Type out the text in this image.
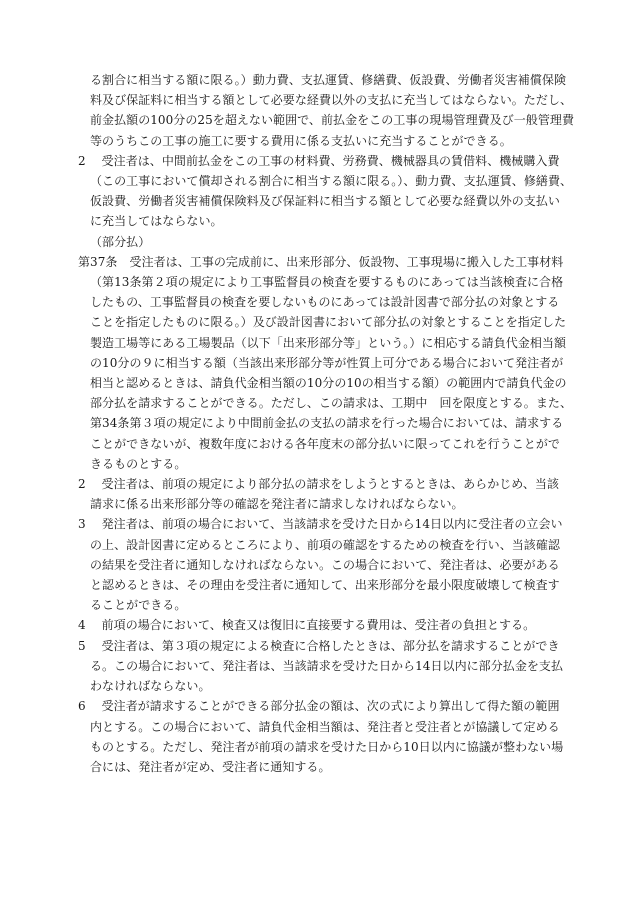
る割合に相当する額に限る。）動力費、支払運賃、修繕費、仮設費、労働者災害補償保険
料及び保証料に相当する額として必要な経費以外の支払に充当してはならない。ただし、
前金払額の100分の25を超えない範囲で、前払金をこの工事の現場管理費及び一般管理費
等のうちこの工事の施工に要する費用に係る支払いに充当することができる。
2　 受注者は、中間前払金をこの工事の材料費、労務費、機械器具の賃借料、機械購入費
（この工事において償却される割合に相当する額に限る。）、動力費、支払運賃、修繕費、
仮設費、労働者災害補償保険料及び保証料に相当する額として必要な経費以外の支払い
に充当してはならない。
（部分払）
第37条　受注者は、工事の完成前に、出来形部分、仮設物、工事現場に搬入した工事材料
（第13条第２項の規定により工事監督員の検査を要するものにあっては当該検査に合格
したもの、工事監督員の検査を要しないものにあっては設計図書で部分払の対象とする
ことを指定したものに限る。）及び設計図書において部分払の対象とすることを指定した
製造工場等にある工場製品（以下「出来形部分等」という。）に相応する請負代金相当額
の10分の９に相当する額（当該出来形部分等が性質上可分である場合において発注者が
相当と認めるときは、請負代金相当額の10分の10の相当する額）の範囲内で請負代金の
部分払を請求することができる。ただし、この請求は、工期中　回を限度とする。また、
第34条第３項の規定により中間前金払の支払の請求を行った場合においては、請求する
ことができないが、複数年度における各年度末の部分払いに限ってこれを行うことがで
きるものとする。
2　 受注者は、前項の規定により部分払の請求をしようとするときは、あらかじめ、当該
請求に係る出来形部分等の確認を発注者に請求しなければならない。
3　 発注者は、前項の場合において、当該請求を受けた日から14日以内に受注者の立会い
の上、設計図書に定めるところにより、前項の確認をするための検査を行い、当該確認
の結果を受注者に通知しなければならない。この場合において、発注者は、必要がある
と認めるときは、その理由を受注者に通知して、出来形部分を最小限度破壊して検査す
ることができる。
4　 前項の場合において、検査又は復旧に直接要する費用は、受注者の負担とする。
5　 受注者は、第３項の規定による検査に合格したときは、部分払を請求することができ
る。この場合において、発注者は、当該請求を受けた日から14日以内に部分払金を支払
わなければならない。
6　 受注者が請求することができる部分払金の額は、次の式により算出して得た額の範囲
内とする。この場合において、請負代金相当額は、発注者と受注者とが協議して定める
ものとする。ただし、発注者が前項の請求を受けた日から10日以内に協議が整わない場
合には、発注者が定め、受注者に通知する。
